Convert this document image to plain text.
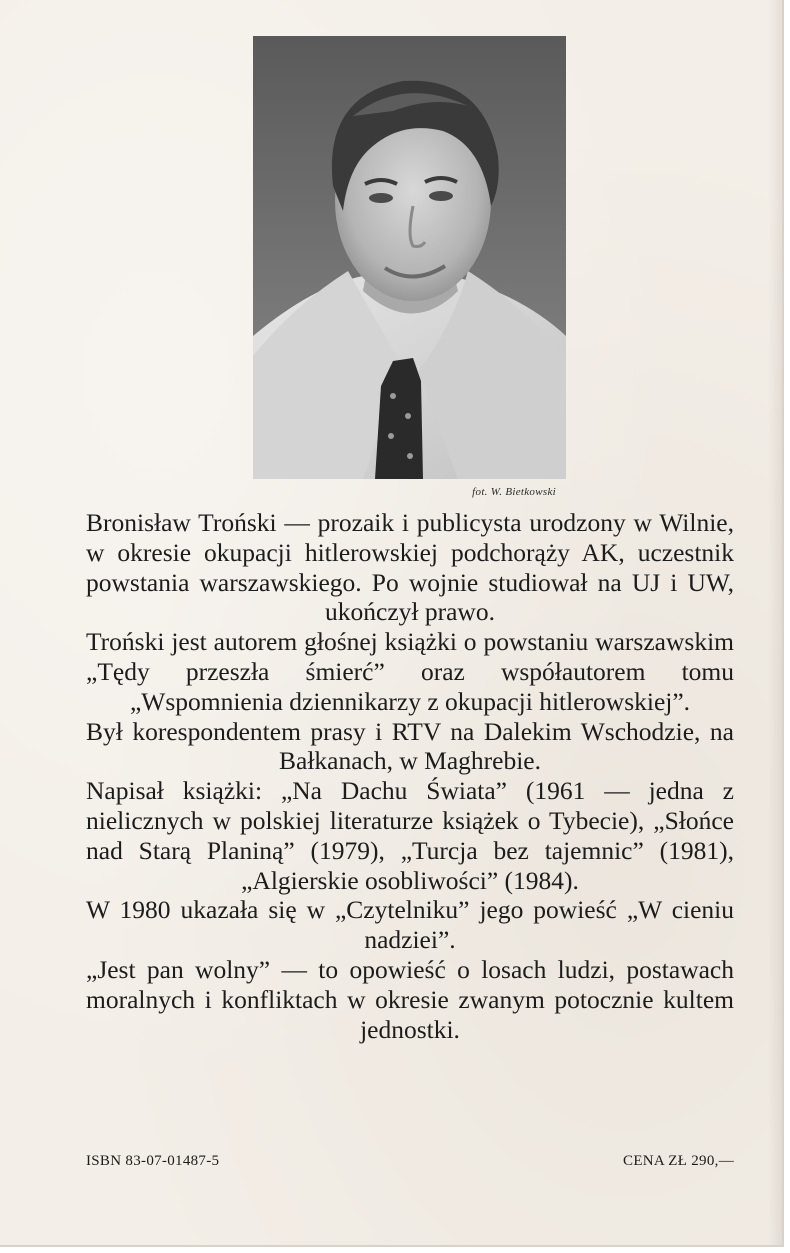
fot. W. Bietkowski

Bronisław Troński — prozaik i publicysta urodzony w Wilnie, w okresie okupacji hitlerowskiej podchorąży AK, uczestnik powstania warszawskiego. Po wojnie studiował na UJ i UW, ukończył prawo.

Troński jest autorem głośnej książki o powstaniu warszawskim „Tędy przeszła śmierć” oraz współautorem tomu „Wspomnienia dziennikarzy z okupacji hitlerowskiej”.

Był korespondentem prasy i RTV na Dalekim Wschodzie, na Bałkanach, w Maghrebie.

Napisał książki: „Na Dachu Świata” (1961 — jedna z nielicznych w polskiej literaturze książek o Tybecie), „Słońce nad Starą Planiną” (1979), „Turcja bez tajemnic” (1981), „Algierskie osobliwości” (1984).

W 1980 ukazała się w „Czytelniku” jego powieść „W cieniu nadziei”.

„Jest pan wolny” — to opowieść o losach ludzi, postawach moralnych i konfliktach w okresie zwanym potocznie kultem jednostki.

ISBN 83-07-01487-5	CENA ZŁ 290,—
